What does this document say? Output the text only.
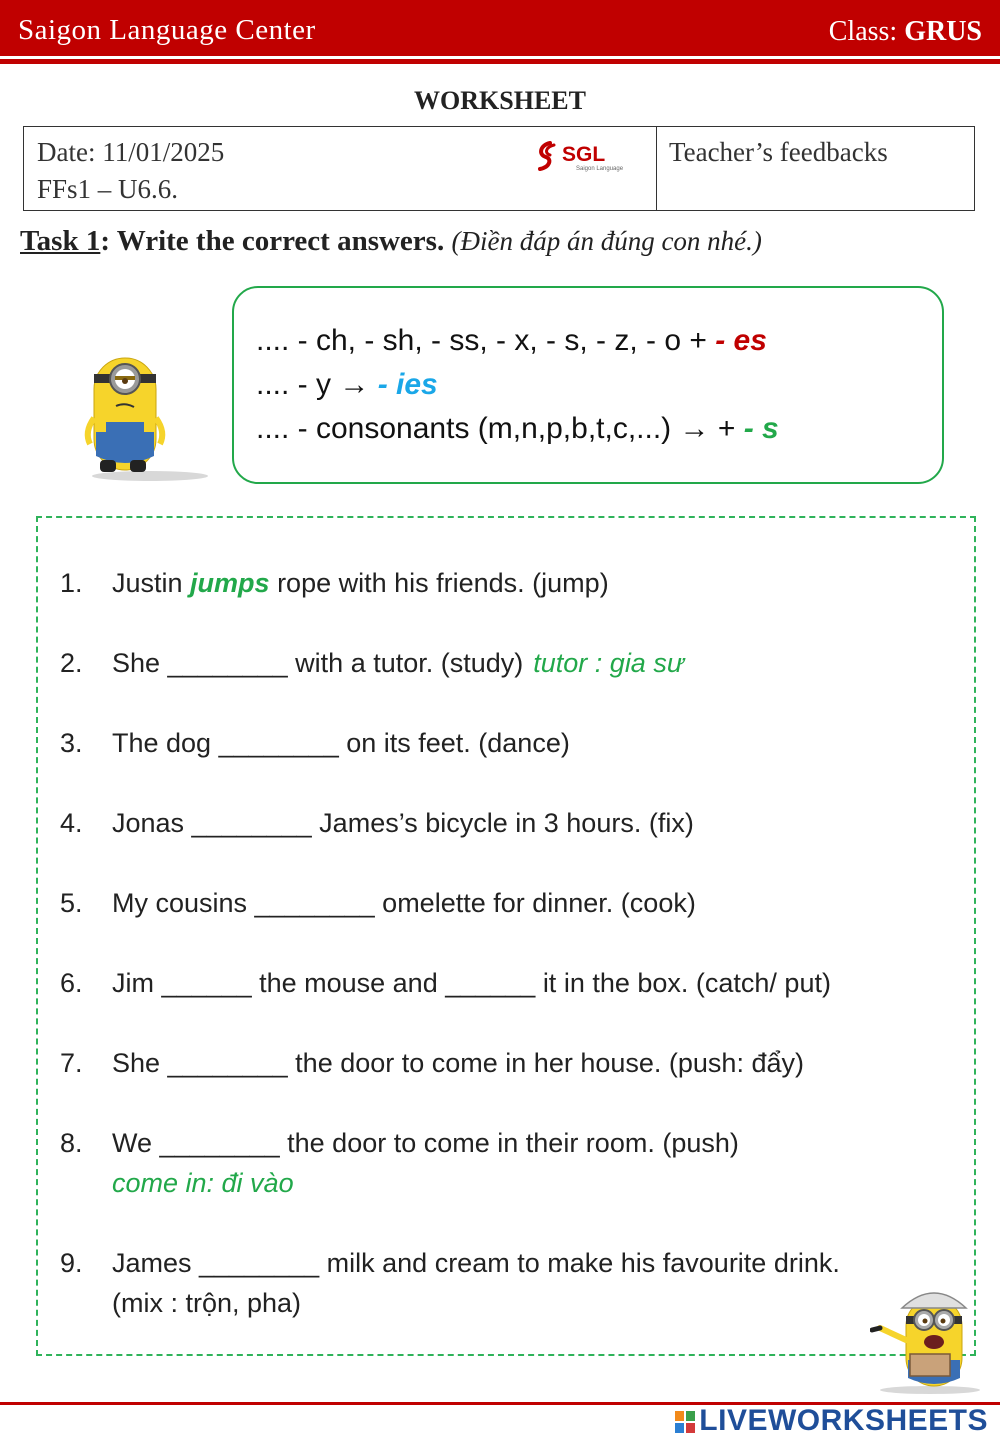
Saigon Language Center	Class: GRUS
WORKSHEET
Date: 11/01/2025
FFs1 – U6.6.
SGL
Saigon Language
Teacher’s feedbacks
Task 1: Write the correct answers. (Điền đáp án đúng con nhé.)
.... - ch, - sh, - ss, - x, - s, - z, - o + - es
.... - y → - ies
.... - consonants (m,n,p,b,t,c,...) → + - s
1. Justin jumps rope with his friends. (jump)
2. She ________ with a tutor. (study) tutor : gia sư
3. The dog ________ on its feet. (dance)
4. Jonas ________ James’s bicycle in 3 hours. (fix)
5. My cousins ________ omelette for dinner. (cook)
6. Jim ______ the mouse and ______ it in the box. (catch/ put)
7. She ________ the door to come in her house. (push: đẩy)
8. We ________ the door to come in their room. (push)
come in: đi vào
9. James ________ milk and cream to make his favourite drink.
(mix : trộn, pha)
LIVEWORKSHEETS
